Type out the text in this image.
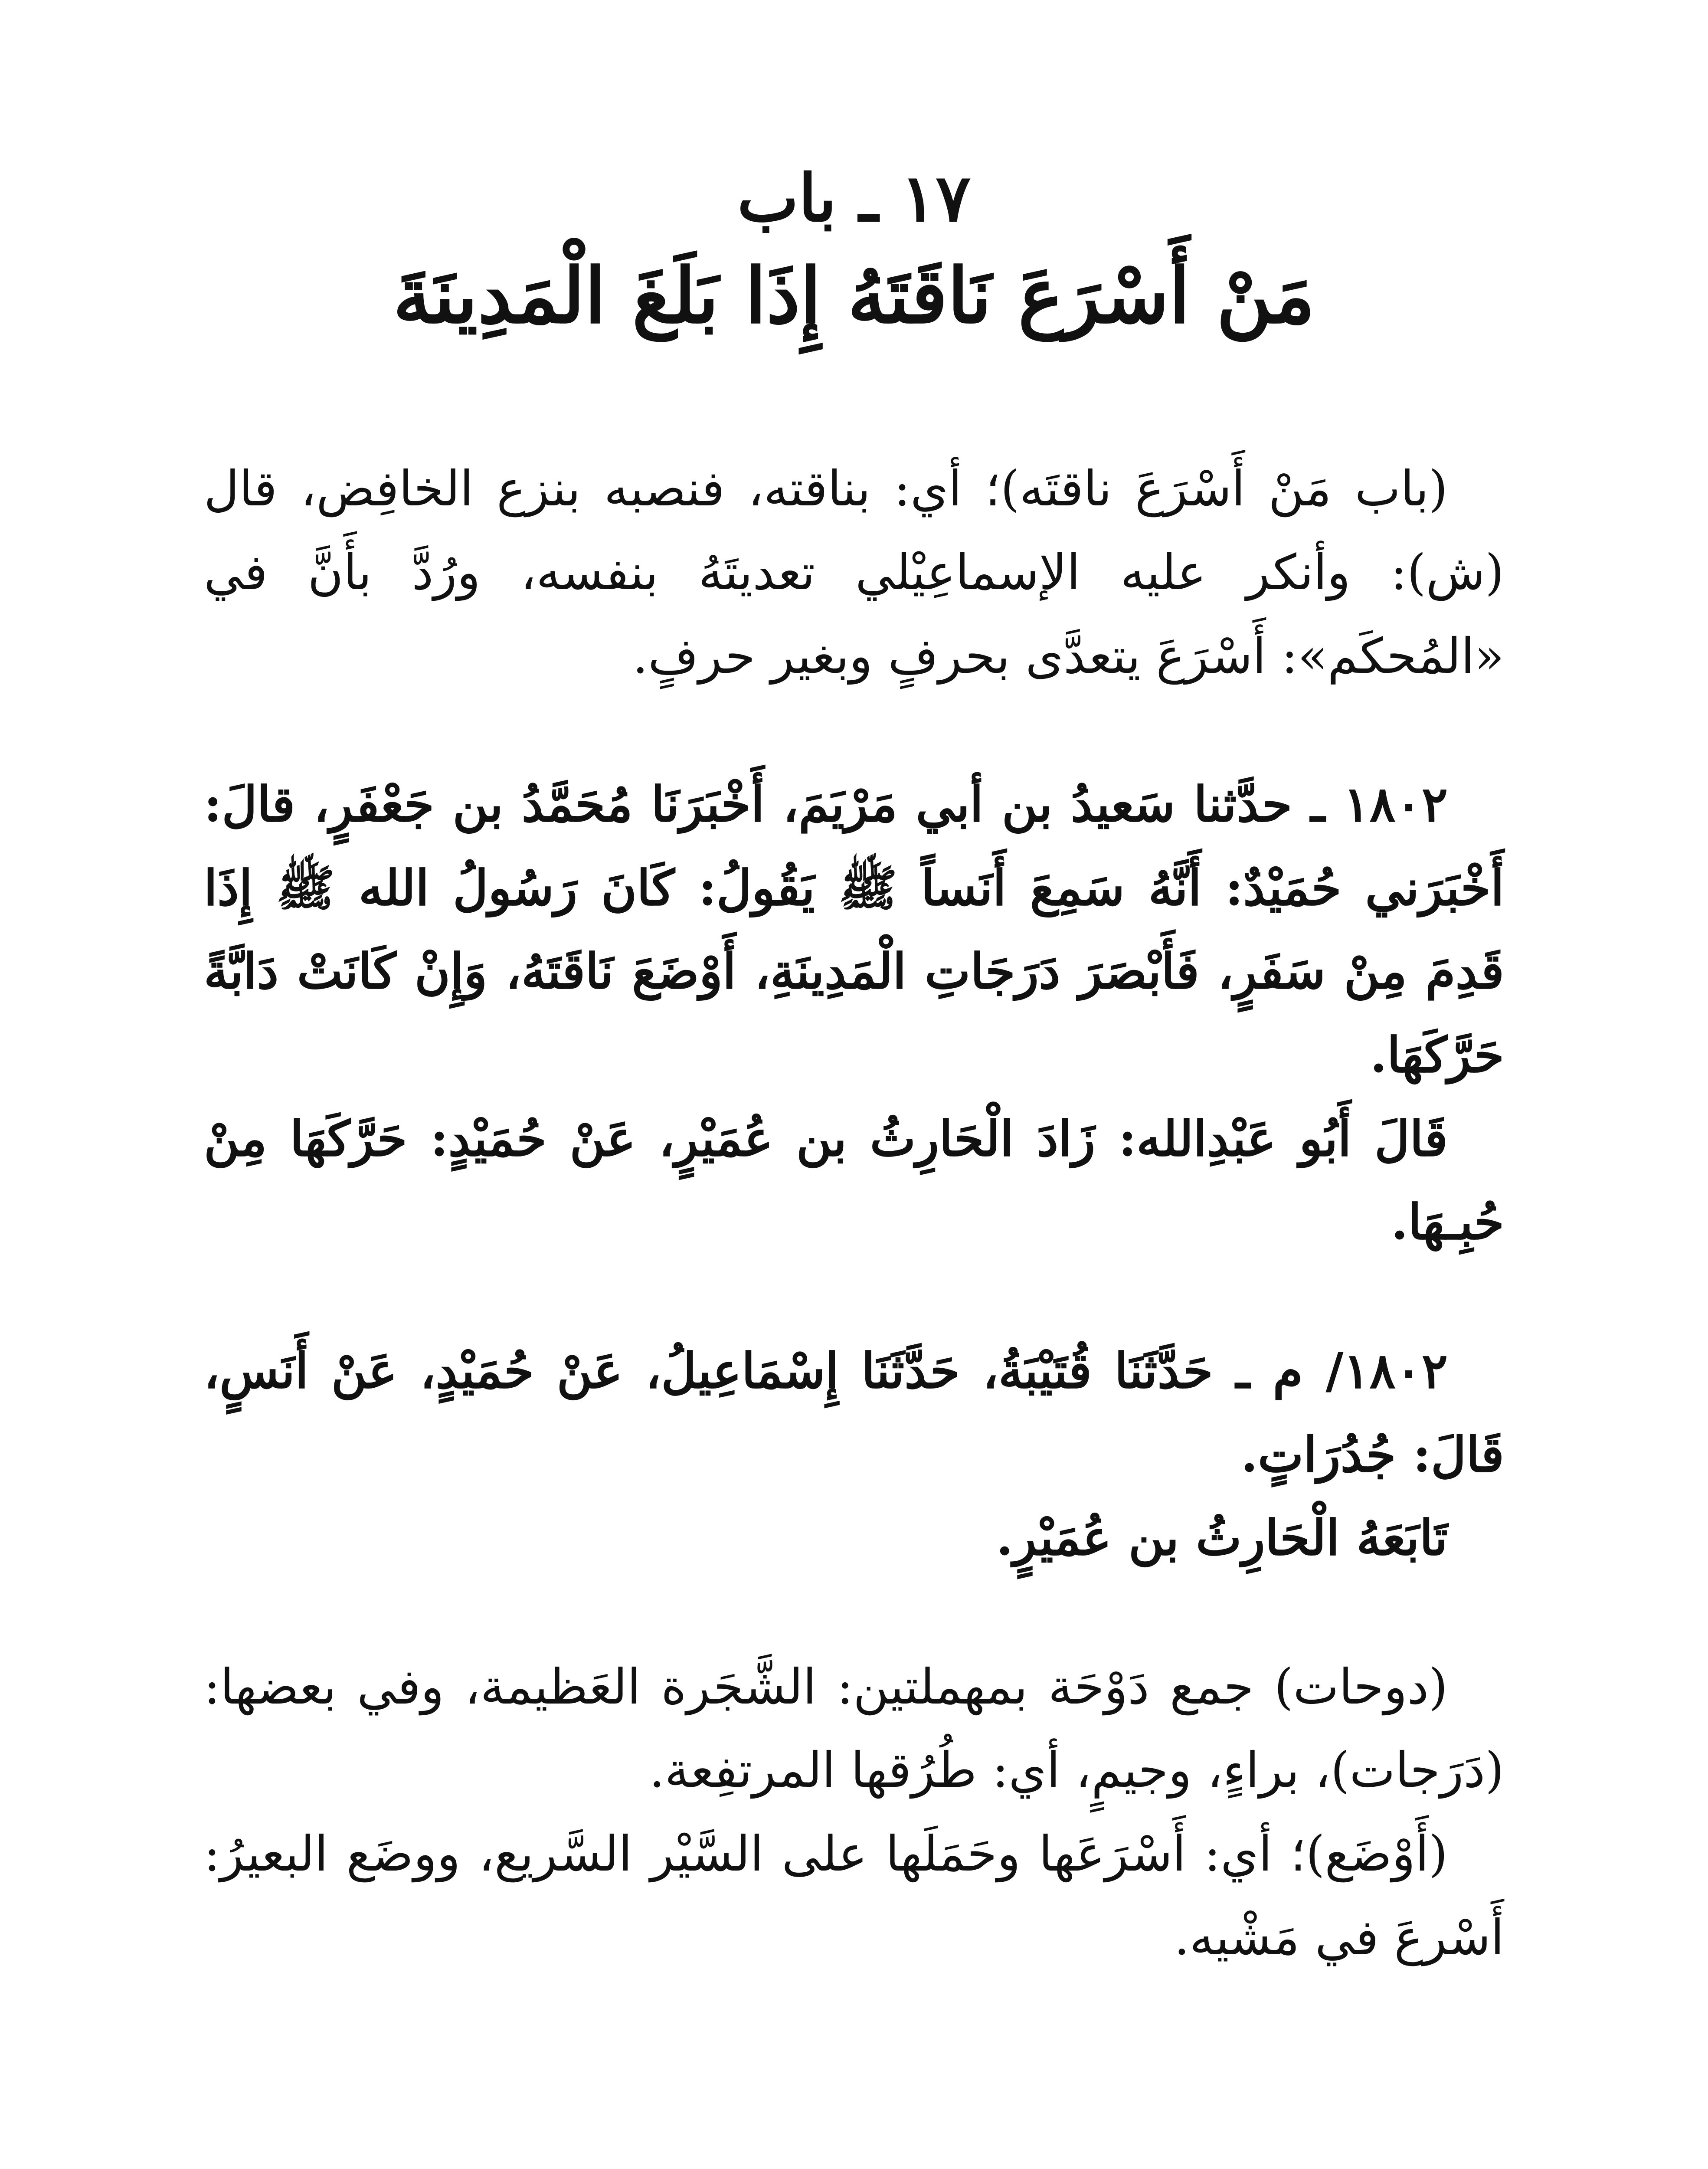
١٧ ـ باب
مَنْ أَسْرَعَ نَاقَتَهُ إِذَا بَلَغَ الْمَدِينَةَ

(باب مَنْ أَسْرَعَ ناقتَه)؛ أي: بناقته، فنصبه بنزع الخافِض، قال (ش): وأنكر عليه الإسماعِيْلي تعديتَهُ بنفسه، ورُدَّ بأَنَّ في «المُحكَم»: أَسْرَعَ يتعدَّى بحرفٍ وبغير حرفٍ.

١٨٠٢ ـ حدَّثنا سَعيدُ بن أبي مَرْيَمَ، أَخْبَرَنَا مُحَمَّدُ بن جَعْفَرٍ، قالَ: أَخْبَرَني حُمَيْدٌ: أَنَّهُ سَمِعَ أَنَساً ﷺ يَقُولُ: كَانَ رَسُولُ الله ﷺ إِذَا قَدِمَ مِنْ سَفَرٍ، فَأَبْصَرَ دَرَجَاتِ الْمَدِينَةِ، أَوْضَعَ نَاقَتَهُ، وَإِنْ كَانَتْ دَابَّةً حَرَّكَهَا.

قَالَ أَبُو عَبْدِالله: زَادَ الْحَارِثُ بن عُمَيْرٍ، عَنْ حُمَيْدٍ: حَرَّكَهَا مِنْ حُبِـهَا.

١٨٠٢/ م ـ حَدَّثَنَا قُتَيْبَةُ، حَدَّثَنَا إِسْمَاعِيلُ، عَنْ حُمَيْدٍ، عَنْ أَنَسٍ، قَالَ: جُدُرَاتٍ.

تَابَعَهُ الْحَارِثُ بن عُمَيْرٍ.

(دوحات) جمع دَوْحَة بمهملتين: الشَّجَرة العَظيمة، وفي بعضها: (دَرَجات)، براءٍ، وجيمٍ، أي: طُرُقها المرتفِعة.

(أَوْضَع)؛ أي: أَسْرَعَها وحَمَلَها على السَّيْر السَّريع، ووضَع البعيرُ: أَسْرعَ في مَشْيه.
